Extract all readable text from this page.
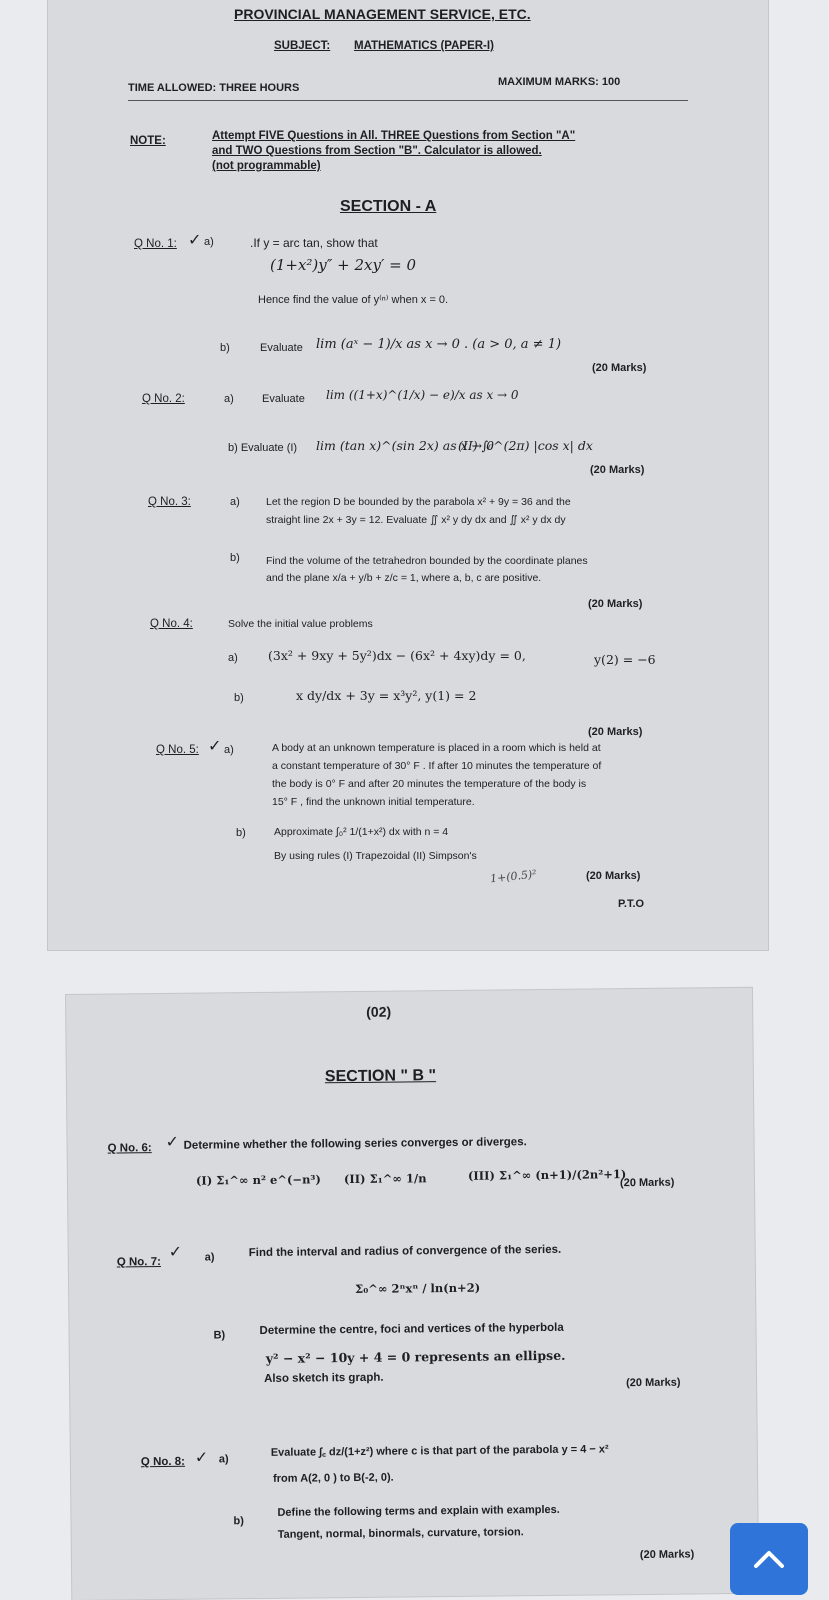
PROVINCIAL MANAGEMENT SERVICE, ETC.
SUBJECT: MATHEMATICS (PAPER-I)
TIME ALLOWED: THREE HOURS	MAXIMUM MARKS: 100
NOTE:	Attempt FIVE Questions in All. THREE Questions from Section "A"
and TWO Questions from Section "B". Calculator is allowed.
(not programmable)
SECTION - A
Q No. 1: ✓ a)	.If y = arc tan, show that
(1+x²)y″ + 2xy′ = 0
Hence find the value of y⁽ⁿ⁾ when x = 0.
b)	Evaluate lim (aˣ − 1)/x as x → 0 . (a > 0, a ≠ 1)
(20 Marks)
Q No. 2:	a)	Evaluate lim ((1+x)^(1/x) − e)/x as x → 0
b) Evaluate (I) lim (tan x)^(sin 2x) as x → 0
(II) ∫₀^(2π) |cos x| dx
(20 Marks)
Q No. 3:	a) Let the region D be bounded by the parabola x² + 9y = 36 and the
straight line 2x + 3y = 12. Evaluate ∬ x² y dy dx and ∬ x² y dx dy
b) Find the volume of the tetrahedron bounded by the coordinate planes
and the plane x/a + y/b + z/c = 1, where a, b, c are positive.
(20 Marks)
Q No. 4:	Solve the initial value problems
a) (3x² + 9xy + 5y²)dx − (6x² + 4xy)dy = 0,	y(2) = −6
b)	x dy/dx + 3y = x³y², y(1) = 2
(20 Marks)
Q No. 5: ✓ a)	A body at an unknown temperature is placed in a room which is held at
a constant temperature of 30° F . If after 10 minutes the temperature of
the body is 0° F and after 20 minutes the temperature of the body is
15° F , find the unknown initial temperature.
b)	Approximate ∫₀² 1/(1+x²) dx with n = 4
By using rules (I) Trapezoidal (II) Simpson's
1+(0.5)²	(20 Marks)
P.T.O
(02)
SECTION " B "
Q No. 6: ✓ Determine whether the following series converges or diverges.
(I) Σ₁^∞ n² e^(−n³) (II) Σ₁^∞ 1/n	(III) Σ₁^∞ (n+1)/(2n²+1)
(20 Marks)
Q No. 7:
✓ a)	Find the interval and radius of convergence of the series.
Σ₀^∞ 2ⁿxⁿ / ln(n+2)
B)	Determine the centre, foci and vertices of the hyperbola
y² − x² − 10y + 4 = 0 represents an ellipse.
Also sketch its graph.	(20 Marks)
Q No. 8: ✓ a)
Evaluate ∫꜀ dz/(1+z²) where c is that part of the parabola y = 4 − x²
from A(2, 0 ) to B(-2, 0).
b)
Define the following terms and explain with examples.
Tangent, normal, binormals, curvature, torsion.
(20 Marks)
